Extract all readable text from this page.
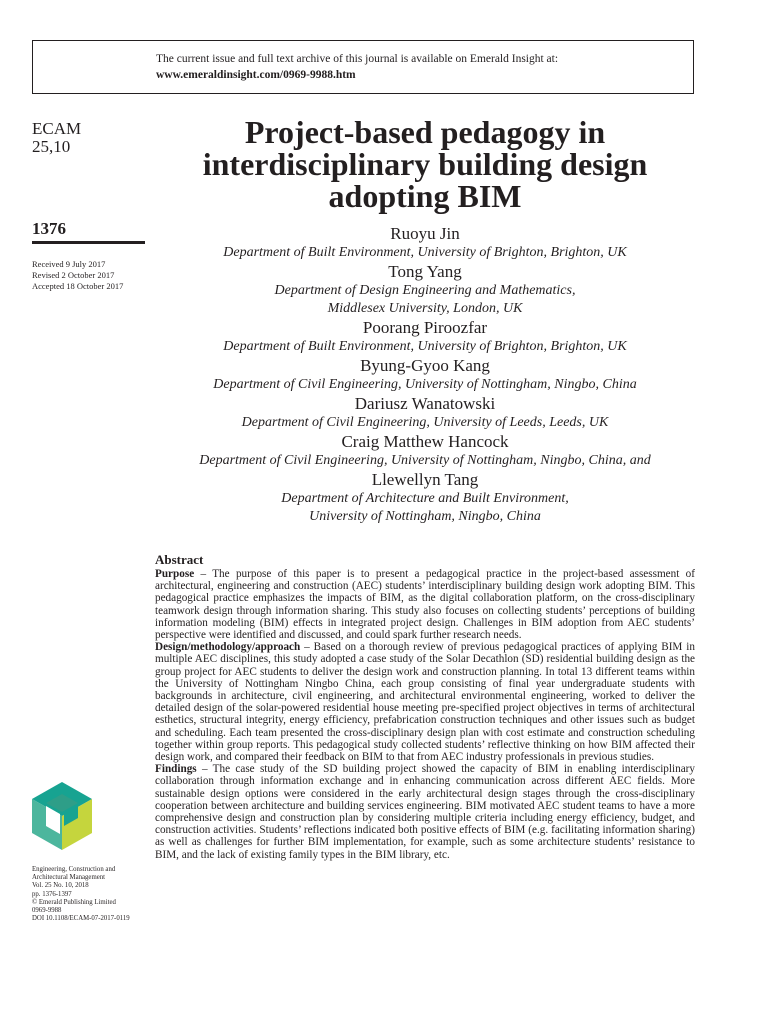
The current issue and full text archive of this journal is available on Emerald Insight at:
www.emeraldinsight.com/0969-9988.htm
ECAM
25,10
1376
Received 9 July 2017
Revised 2 October 2017
Accepted 18 October 2017
Project-based pedagogy in
interdisciplinary building design
adopting BIM
Ruoyu Jin
Department of Built Environment, University of Brighton, Brighton, UK
Tong Yang
Department of Design Engineering and Mathematics,
Middlesex University, London, UK
Poorang Piroozfar
Department of Built Environment, University of Brighton, Brighton, UK
Byung-Gyoo Kang
Department of Civil Engineering, University of Nottingham, Ningbo, China
Dariusz Wanatowski
Department of Civil Engineering, University of Leeds, Leeds, UK
Craig Matthew Hancock
Department of Civil Engineering, University of Nottingham, Ningbo, China, and
Llewellyn Tang
Department of Architecture and Built Environment,
University of Nottingham, Ningbo, China
Abstract

Purpose – The purpose of this paper is to present a pedagogical practice in the project-based assessment of architectural, engineering and construction (AEC) students’ interdisciplinary building design work adopting BIM. This pedagogical practice emphasizes the impacts of BIM, as the digital collaboration platform, on the cross-disciplinary teamwork design through information sharing. This study also focuses on collecting students’ perceptions of building information modeling (BIM) effects in integrated project design. Challenges in BIM adoption from AEC students’ perspective were identified and discussed, and could spark further research needs.

Design/methodology/approach – Based on a thorough review of previous pedagogical practices of applying BIM in multiple AEC disciplines, this study adopted a case study of the Solar Decathlon (SD) residential building design as the group project for AEC students to deliver the design work and construction planning. In total 13 different teams within the University of Nottingham Ningbo China, each group consisting of final year undergraduate students with backgrounds in architecture, civil engineering, and architectural environmental engineering, worked to deliver the detailed design of the solar-powered residential house meeting pre-specified project objectives in terms of architectural esthetics, structural integrity, energy efficiency, prefabrication construction techniques and other issues such as budget and scheduling. Each team presented the cross-disciplinary design plan with cost estimate and construction scheduling together within group reports. This pedagogical study collected students’ reflective thinking on how BIM affected their design work, and compared their feedback on BIM to that from AEC industry professionals in previous studies.

Findings – The case study of the SD building project showed the capacity of BIM in enabling interdisciplinary collaboration through information exchange and in enhancing communication across different AEC fields. More sustainable design options were considered in the early architectural design stages through the cross-disciplinary cooperation between architecture and building services engineering. BIM motivated AEC student teams to have a more comprehensive design and construction plan by considering multiple criteria including energy efficiency, budget, and construction activities. Students’ reflections indicated both positive effects of BIM (e.g. facilitating information sharing) as well as challenges for further BIM implementation, for example, such as some architecture students’ resistance to BIM, and the lack of existing family types in the BIM library, etc.

Engineering, Construction and
Architectural Management
Vol. 25 No. 10, 2018
pp. 1376-1397
© Emerald Publishing Limited
0969-9988
DOI 10.1108/ECAM-07-2017-0119
